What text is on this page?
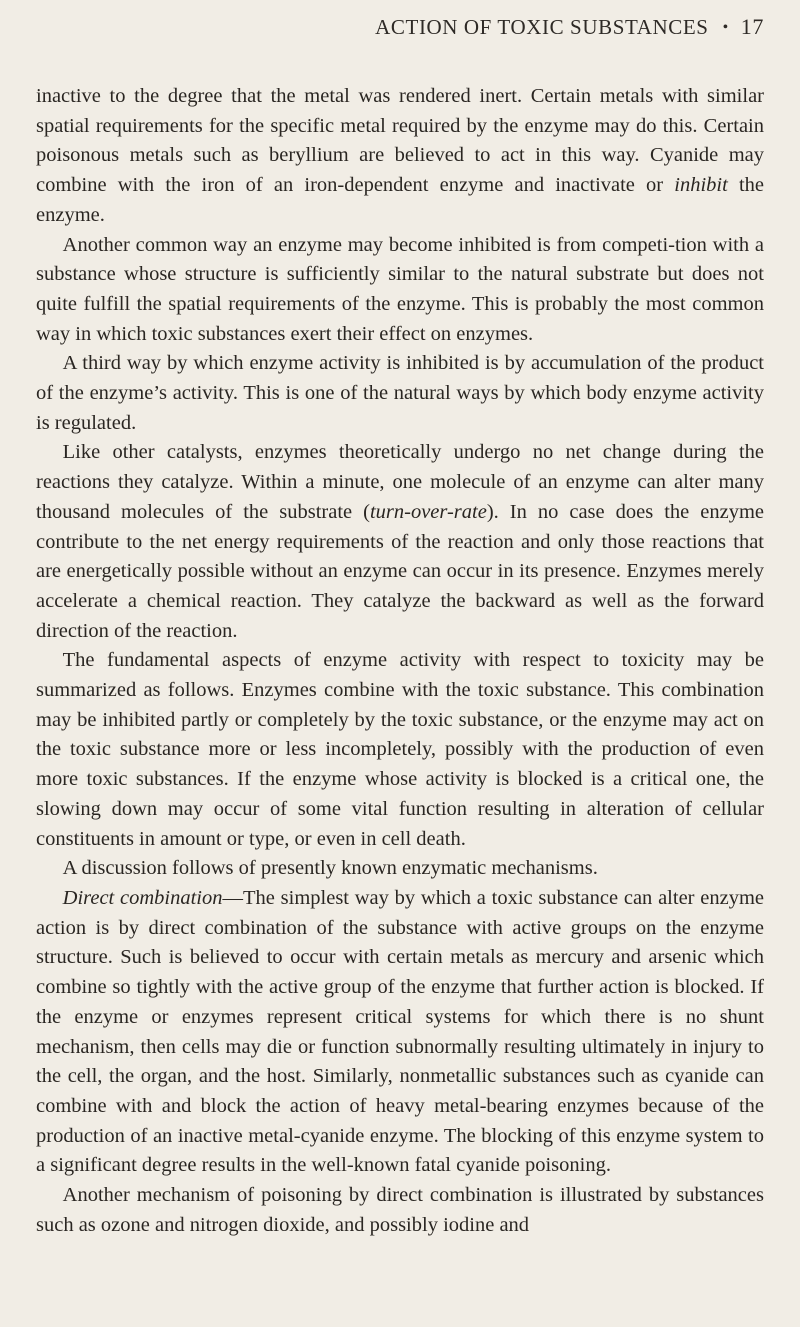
ACTION OF TOXIC SUBSTANCES • 17

inactive to the degree that the metal was rendered inert. Certain metals with similar spatial requirements for the specific metal required by the enzyme may do this. Certain poisonous metals such as beryllium are believed to act in this way. Cyanide may combine with the iron of an iron-dependent enzyme and inactivate or inhibit the enzyme.

Another common way an enzyme may become inhibited is from competi-tion with a substance whose structure is sufficiently similar to the natural substrate but does not quite fulfill the spatial requirements of the enzyme. This is probably the most common way in which toxic substances exert their effect on enzymes.

A third way by which enzyme activity is inhibited is by accumulation of the product of the enzyme’s activity. This is one of the natural ways by which body enzyme activity is regulated.

Like other catalysts, enzymes theoretically undergo no net change during the reactions they catalyze. Within a minute, one molecule of an enzyme can alter many thousand molecules of the substrate (turn-over-rate). In no case does the enzyme contribute to the net energy requirements of the reaction and only those reactions that are energetically possible without an enzyme can occur in its presence. Enzymes merely accelerate a chemical reaction. They catalyze the backward as well as the forward direction of the reaction.

The fundamental aspects of enzyme activity with respect to toxicity may be summarized as follows. Enzymes combine with the toxic substance. This combination may be inhibited partly or completely by the toxic substance, or the enzyme may act on the toxic substance more or less incompletely, possibly with the production of even more toxic substances. If the enzyme whose activity is blocked is a critical one, the slowing down may occur of some vital function resulting in alteration of cellular constituents in amount or type, or even in cell death.

A discussion follows of presently known enzymatic mechanisms.

Direct combination—The simplest way by which a toxic substance can alter enzyme action is by direct combination of the substance with active groups on the enzyme structure. Such is believed to occur with certain metals as mercury and arsenic which combine so tightly with the active group of the enzyme that further action is blocked. If the enzyme or enzymes represent critical systems for which there is no shunt mechanism, then cells may die or function subnormally resulting ultimately in injury to the cell, the organ, and the host. Similarly, nonmetallic substances such as cyanide can combine with and block the action of heavy metal-bearing enzymes because of the production of an inactive metal-cyanide enzyme. The blocking of this enzyme system to a significant degree results in the well-known fatal cyanide poisoning.

Another mechanism of poisoning by direct combination is illustrated by substances such as ozone and nitrogen dioxide, and possibly iodine and
